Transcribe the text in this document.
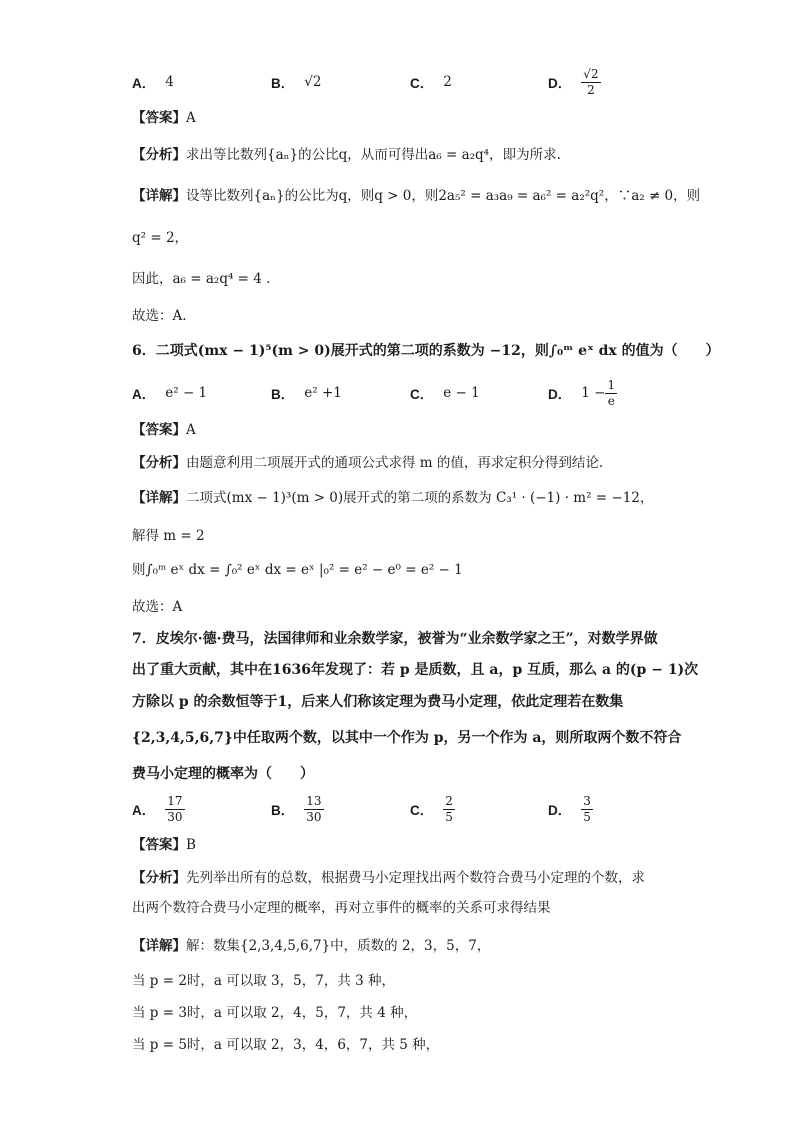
A． 4	B． √2	C． 2	D． $\frac{√2}{2}$
【答案】A
【分析】求出等比数列{aₙ}的公比q，从而可得出a₆ = a₂q⁴，即为所求.
【详解】设等比数列{aₙ}的公比为q，则q > 0，则2a₅² = a₃a₉ = a₆² = a₂²q²，∵a₂ ≠ 0，则
q² = 2，
因此，a₆ = a₂q⁴ = 4 .
故选：A.
6．二项式(mx − 1)⁵(m > 0)展开式的第二项的系数为 −12，则∫₀ᵐ eˣ dx 的值为（　　）
A． e² − 1	B． e² +1	C． e − 1	D． $1 - \frac{1}{e}$
【答案】A
【分析】由题意利用二项展开式的通项公式求得 m 的值，再求定积分得到结论.
【详解】二项式(mx − 1)³(m > 0)展开式的第二项的系数为 C₃¹ · (−1) · m² = −12，
解得 m = 2
则∫₀ᵐ eˣ dx = ∫₀² eˣ dx = eˣ |₀² = e² − e⁰ = e² − 1
故选：A
7．皮埃尔·德·费马，法国律师和业余数学家，被誉为“业余数学家之王”，对数学界做
出了重大贡献，其中在1636年发现了：若 p 是质数，且 a，p 互质，那么 a 的(p − 1)次
方除以 p 的余数恒等于1，后来人们称该定理为费马小定理，依此定理若在数集
{2,3,4,5,6,7}中任取两个数，以其中一个作为 p，另一个作为 a，则所取两个数不符合
费马小定理的概率为（　　）
A． $\frac{17}{30}$	B． $\frac{13}{30}$	C． $\frac{2}{5}$	D． $\frac{3}{5}$
【答案】B
【分析】先列举出所有的总数，根据费马小定理找出两个数符合费马小定理的个数，求
出两个数符合费马小定理的概率，再对立事件的概率的关系可求得结果
【详解】解：数集{2,3,4,5,6,7}中，质数的 2，3，5，7，
当 p = 2时，a 可以取 3，5，7，共 3 种，
当 p = 3时，a 可以取 2，4，5，7，共 4 种，
当 p = 5时，a 可以取 2，3，4，6，7，共 5 种，
